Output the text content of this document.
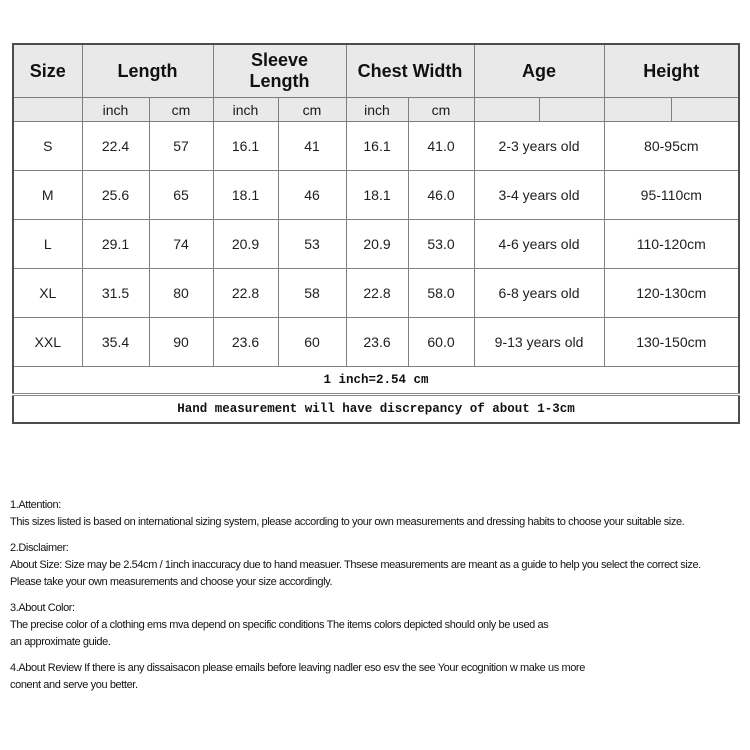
Size	Length		Sleeve Length		Chest Width		Age		Height	
	inch	cm	inch	cm	inch	cm				
S	22.4	57	16.1	41	16.1	41.0	2-3 years old		80-95cm	
M	25.6	65	18.1	46	18.1	46.0	3-4 years old		95-110cm	
L	29.1	74	20.9	53	20.9	53.0	4-6 years old		110-120cm	
XL	31.5	80	22.8	58	22.8	58.0	6-8 years old		120-130cm	
XXL	35.4	90	23.6	60	23.6	60.0	9-13 years old		130-150cm	
1 inch=2.54 cm										
Hand measurement will have discrepancy of about 1-3cm										
1.Attention:
This sizes listed is based on international sizing system, please according to your own measurements and dressing habits to choose your suitable size.
2.Disclaimer:
About Size: Size may be 2.54cm / 1inch inaccuracy due to hand measuer. Thsese measurements are meant as a guide to help you select the correct size.
Please take your own measurements and choose your size accordingly.
3.About Color:
The precise color of a clothing ems mva depend on specific conditions The items colors depicted should only be used as
an approximate guide.
4.About Review If there is any dissaisacon please emails before leaving nadler eso esv the see Your ecognition w make us more
conent and serve you better.
